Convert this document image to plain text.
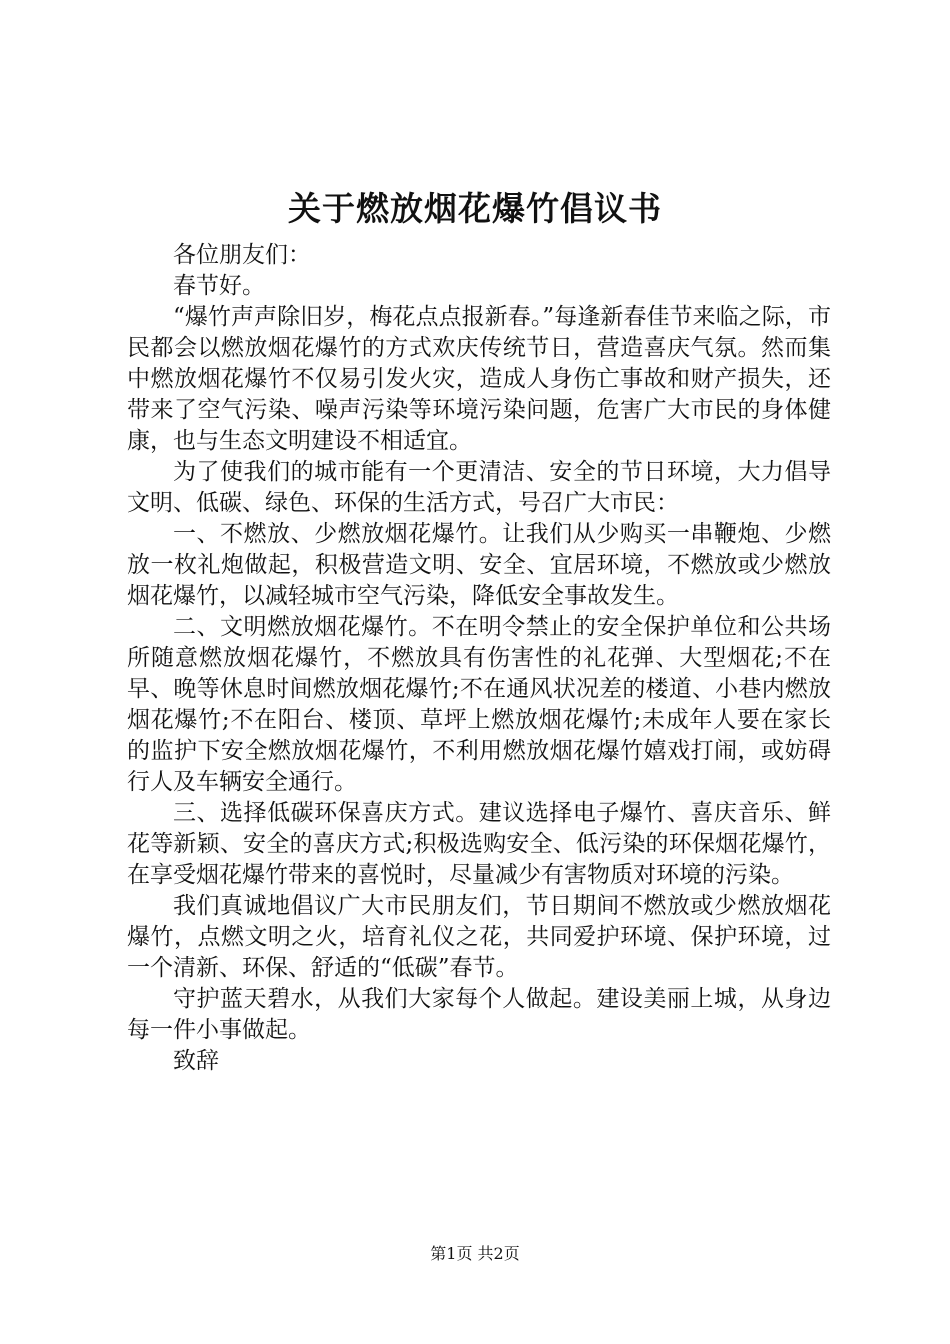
关于燃放烟花爆竹倡议书

各位朋友们：

春节好。

“爆竹声声除旧岁，梅花点点报新春。”每逢新春佳节来临之际，市民都会以燃放烟花爆竹的方式欢庆传统节日，营造喜庆气氛。然而集中燃放烟花爆竹不仅易引发火灾，造成人身伤亡事故和财产损失，还带来了空气污染、噪声污染等环境污染问题，危害广大市民的身体健康，也与生态文明建设不相适宜。

为了使我们的城市能有一个更清洁、安全的节日环境，大力倡导文明、低碳、绿色、环保的生活方式，号召广大市民：

一、不燃放、少燃放烟花爆竹。让我们从少购买一串鞭炮、少燃放一枚礼炮做起，积极营造文明、安全、宜居环境，不燃放或少燃放烟花爆竹，以减轻城市空气污染，降低安全事故发生。

二、文明燃放烟花爆竹。不在明令禁止的安全保护单位和公共场所随意燃放烟花爆竹，不燃放具有伤害性的礼花弹、大型烟花;不在早、晚等休息时间燃放烟花爆竹;不在通风状况差的楼道、小巷内燃放烟花爆竹;不在阳台、楼顶、草坪上燃放烟花爆竹;未成年人要在家长的监护下安全燃放烟花爆竹，不利用燃放烟花爆竹嬉戏打闹，或妨碍行人及车辆安全通行。

三、选择低碳环保喜庆方式。建议选择电子爆竹、喜庆音乐、鲜花等新颖、安全的喜庆方式;积极选购安全、低污染的环保烟花爆竹，在享受烟花爆竹带来的喜悦时，尽量减少有害物质对环境的污染。

我们真诚地倡议广大市民朋友们，节日期间不燃放或少燃放烟花爆竹，点燃文明之火，培育礼仪之花，共同爱护环境、保护环境，过一个清新、环保、舒适的“低碳”春节。

守护蓝天碧水，从我们大家每个人做起。建设美丽上城，从身边每一件小事做起。

致辞

第1页 共2页
